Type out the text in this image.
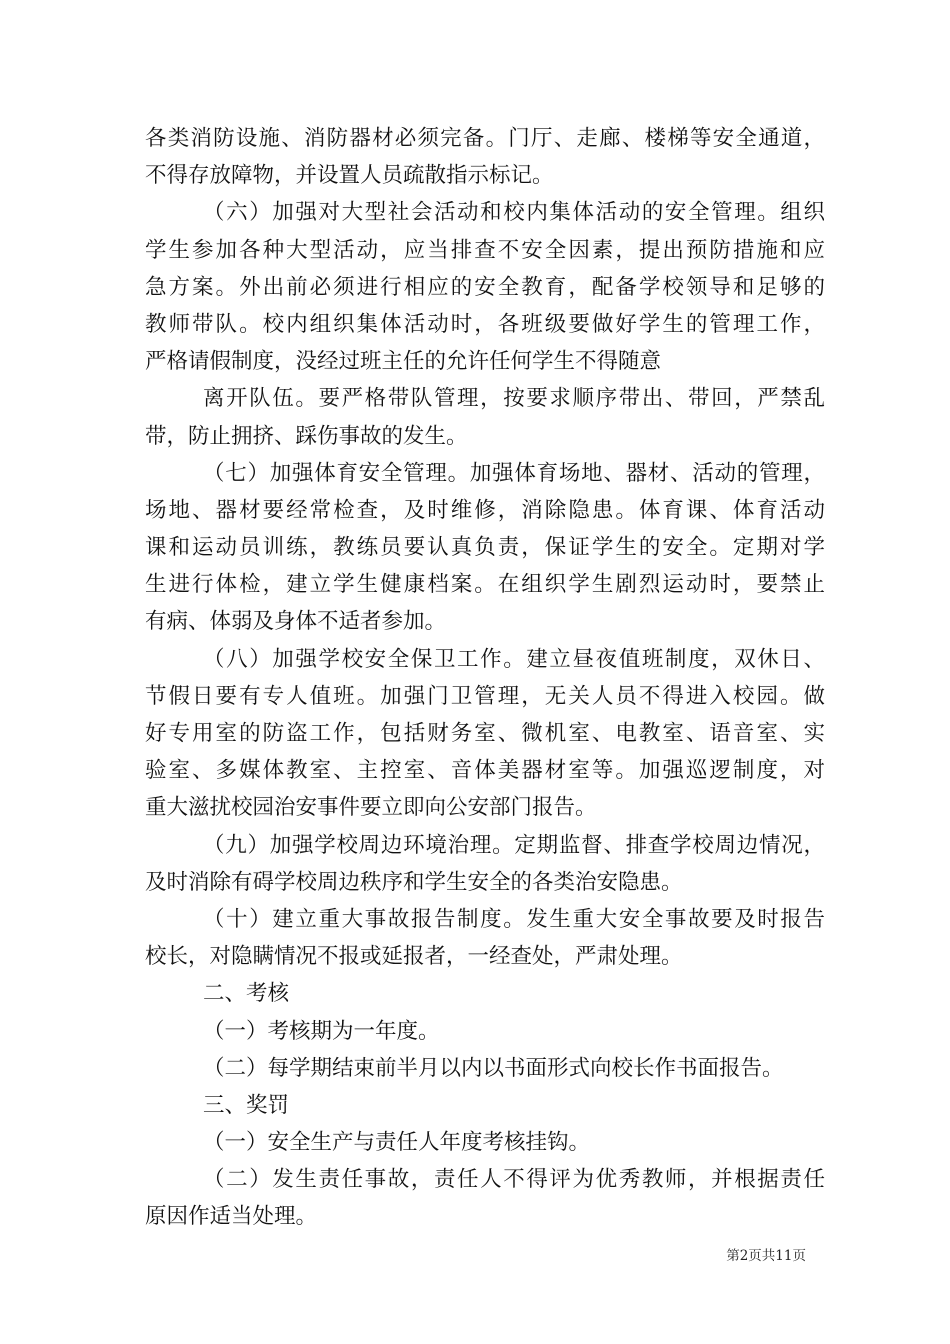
各类消防设施、消防器材必须完备。门厅、走廊、楼梯等安全通道，
不得存放障物，并设置人员疏散指示标记。
（六）加强对大型社会活动和校内集体活动的安全管理。组织
学生参加各种大型活动，应当排查不安全因素，提出预防措施和应
急方案。外出前必须进行相应的安全教育，配备学校领导和足够的
教师带队。校内组织集体活动时，各班级要做好学生的管理工作，
严格请假制度，没经过班主任的允许任何学生不得随意
离开队伍。要严格带队管理，按要求顺序带出、带回，严禁乱
带，防止拥挤、踩伤事故的发生。
（七）加强体育安全管理。加强体育场地、器材、活动的管理，
场地、器材要经常检查，及时维修，消除隐患。体育课、体育活动
课和运动员训练，教练员要认真负责，保证学生的安全。定期对学
生进行体检，建立学生健康档案。在组织学生剧烈运动时，要禁止
有病、体弱及身体不适者参加。
（八）加强学校安全保卫工作。建立昼夜值班制度，双休日、
节假日要有专人值班。加强门卫管理，无关人员不得进入校园。做
好专用室的防盗工作，包括财务室、微机室、电教室、语音室、实
验室、多媒体教室、主控室、音体美器材室等。加强巡逻制度，对
重大滋扰校园治安事件要立即向公安部门报告。
（九）加强学校周边环境治理。定期监督、排查学校周边情况，
及时消除有碍学校周边秩序和学生安全的各类治安隐患。
（十）建立重大事故报告制度。发生重大安全事故要及时报告
校长，对隐瞒情况不报或延报者，一经查处，严肃处理。
二、考核
（一）考核期为一年度。
（二）每学期结束前半月以内以书面形式向校长作书面报告。
三、奖罚
（一）安全生产与责任人年度考核挂钩。
（二）发生责任事故，责任人不得评为优秀教师，并根据责任
原因作适当处理。
第2页共11页
